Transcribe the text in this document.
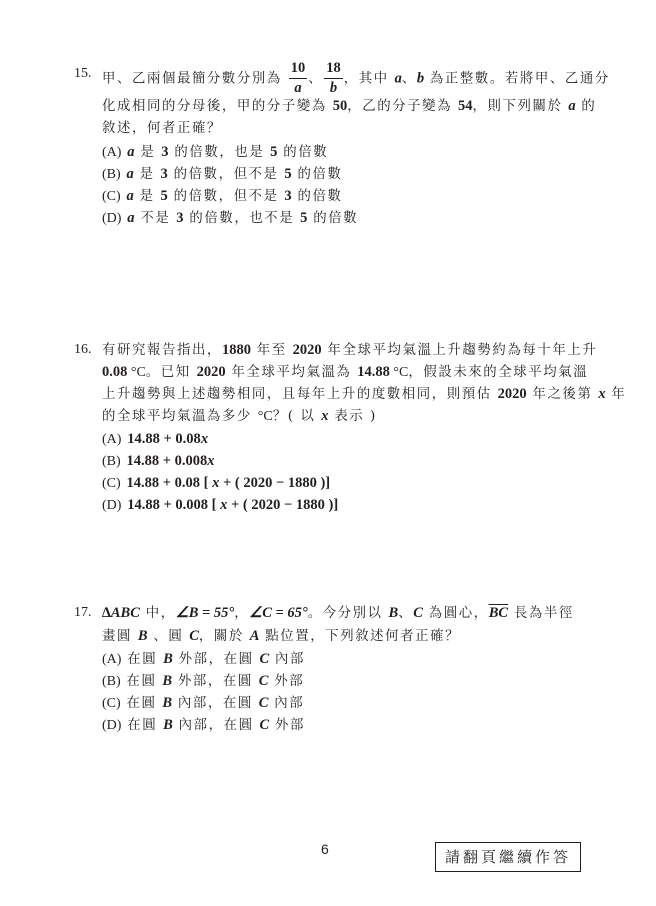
15. 甲、乙兩個最簡分數分別為 $\frac{10}{a}$ 、 $\frac{18}{b}$ ，其中 a、b 為正整數。若將甲、乙通分
化成相同的分母後，甲的分子變為 50，乙的分子變為 54，則下列關於 a 的
敘述，何者正確？
(A) a 是 3 的倍數，也是 5 的倍數
(B) a 是 3 的倍數，但不是 5 的倍數
(C) a 是 5 的倍數，但不是 3 的倍數
(D) a 不是 3 的倍數，也不是 5 的倍數
16. 有研究報告指出，1880 年至 2020 年全球平均氣溫上升趨勢約為每十年上升
0.08 °C。已知 2020 年全球平均氣溫為 14.88 °C，假設未來的全球平均氣溫
上升趨勢與上述趨勢相同，且每年上升的度數相同，則預估 2020 年之後第 x 年
的全球平均氣溫為多少 °C？( 以 x 表示 )
(A) 14.88 + 0.08x
(B) 14.88 + 0.008x
(C) 14.88 + 0.08 [ x + ( 2020 − 1880 )]
(D) 14.88 + 0.008 [ x + ( 2020 − 1880 )]
17. ∆ABC 中，∠B = 55°，∠C = 65°。今分別以 B、C 為圓心，$\overline{BC}$ 長為半徑
畫圓 B 、圓 C，關於 A 點位置，下列敘述何者正確？
(A) 在圓 B 外部，在圓 C 內部
(B) 在圓 B 外部，在圓 C 外部
(C) 在圓 B 內部，在圓 C 內部
(D) 在圓 B 內部，在圓 C 外部
6	請翻頁繼續作答
